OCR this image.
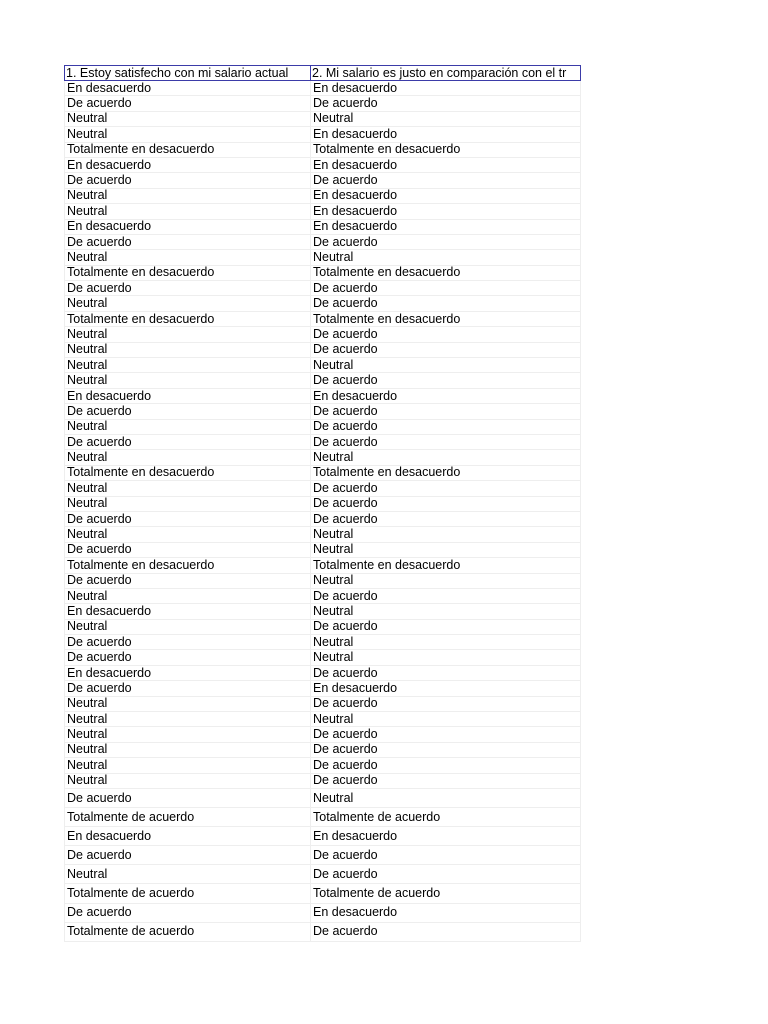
1. Estoy satisfecho con mi salario actual	2. Mi salario es justo en comparación con el tr
En desacuerdo	En desacuerdo
De acuerdo	De acuerdo
Neutral	Neutral
Neutral	En desacuerdo
Totalmente en desacuerdo	Totalmente en desacuerdo
En desacuerdo	En desacuerdo
De acuerdo	De acuerdo
Neutral	En desacuerdo
Neutral	En desacuerdo
En desacuerdo	En desacuerdo
De acuerdo	De acuerdo
Neutral	Neutral
Totalmente en desacuerdo	Totalmente en desacuerdo
De acuerdo	De acuerdo
Neutral	De acuerdo
Totalmente en desacuerdo	Totalmente en desacuerdo
Neutral	De acuerdo
Neutral	De acuerdo
Neutral	Neutral
Neutral	De acuerdo
En desacuerdo	En desacuerdo
De acuerdo	De acuerdo
Neutral	De acuerdo
De acuerdo	De acuerdo
Neutral	Neutral
Totalmente en desacuerdo	Totalmente en desacuerdo
Neutral	De acuerdo
Neutral	De acuerdo
De acuerdo	De acuerdo
Neutral	Neutral
De acuerdo	Neutral
Totalmente en desacuerdo	Totalmente en desacuerdo
De acuerdo	Neutral
Neutral	De acuerdo
En desacuerdo	Neutral
Neutral	De acuerdo
De acuerdo	Neutral
De acuerdo	Neutral
En desacuerdo	De acuerdo
De acuerdo	En desacuerdo
Neutral	De acuerdo
Neutral	Neutral
Neutral	De acuerdo
Neutral	De acuerdo
Neutral	De acuerdo
Neutral	De acuerdo
De acuerdo	Neutral
Totalmente de acuerdo	Totalmente de acuerdo
En desacuerdo	En desacuerdo
De acuerdo	De acuerdo
Neutral	De acuerdo
Totalmente de acuerdo	Totalmente de acuerdo
De acuerdo	En desacuerdo
Totalmente de acuerdo	De acuerdo
